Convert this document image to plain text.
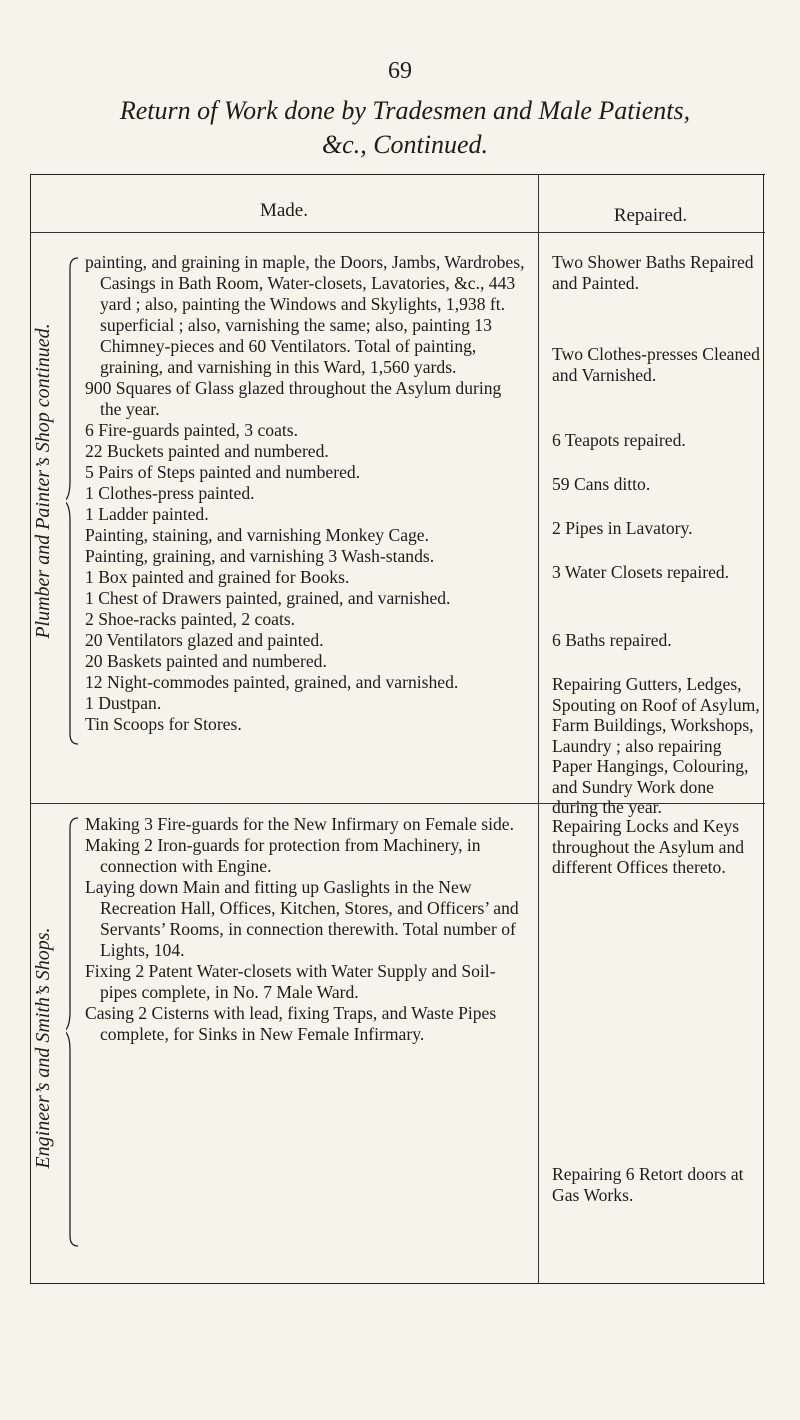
69
Return of Work done by Tradesmen and Male Patients,
&c., Continued.
Made.	Repaired.
Plumber and Painter’s Shop continued.
painting, and graining in maple, the Doors, Jambs, Wardrobes, Casings in Bath Room, Water-closets, Lavatories, &c., 443 yard ; also, painting the Windows and Skylights, 1,938 ft. superficial ; also, varnishing the same; also, painting 13 Chimney-pieces and 60 Ventilators. Total of painting, graining, and varnishing in this Ward, 1,560 yards.
900 Squares of Glass glazed throughout the Asylum during the year.
6 Fire-guards painted, 3 coats.
22 Buckets painted and numbered.
5 Pairs of Steps painted and numbered.
1 Clothes-press painted.
1 Ladder painted.
Painting, staining, and varnishing Monkey Cage.
Painting, graining, and varnishing 3 Wash-stands.
1 Box painted and grained for Books.
1 Chest of Drawers painted, grained, and varnished.
2 Shoe-racks painted, 2 coats.
20 Ventilators glazed and painted.
20 Baskets painted and numbered.
12 Night-commodes painted, grained, and varnished.
1 Dustpan.
Tin Scoops for Stores.
Two Shower Baths Repaired and Painted.
Two Clothes-presses Cleaned and Varnished.
6 Teapots repaired.
59 Cans ditto.
2 Pipes in Lavatory.
3 Water Closets repaired.
6 Baths repaired.
Repairing Gutters, Ledges, Spouting on Roof of Asylum, Farm Buildings, Workshops, Laundry ; also repairing Paper Hangings, Colouring, and Sundry Work done during the year.
Engineer’s and Smith’s Shops.
Making 3 Fire-guards for the New Infirmary on Female side.
Making 2 Iron-guards for protection from Machinery, in connection with Engine.
Laying down Main and fitting up Gaslights in the New Recreation Hall, Offices, Kitchen, Stores, and Officers’ and Servants’ Rooms, in connection therewith. Total number of Lights, 104.
Fixing 2 Patent Water-closets with Water Supply and Soil-pipes complete, in No. 7 Male Ward.
Casing 2 Cisterns with lead, fixing Traps, and Waste Pipes complete, for Sinks in New Female Infirmary.
Repairing Locks and Keys throughout the Asylum and different Offices thereto.
Repairing 6 Retort doors at Gas Works.
